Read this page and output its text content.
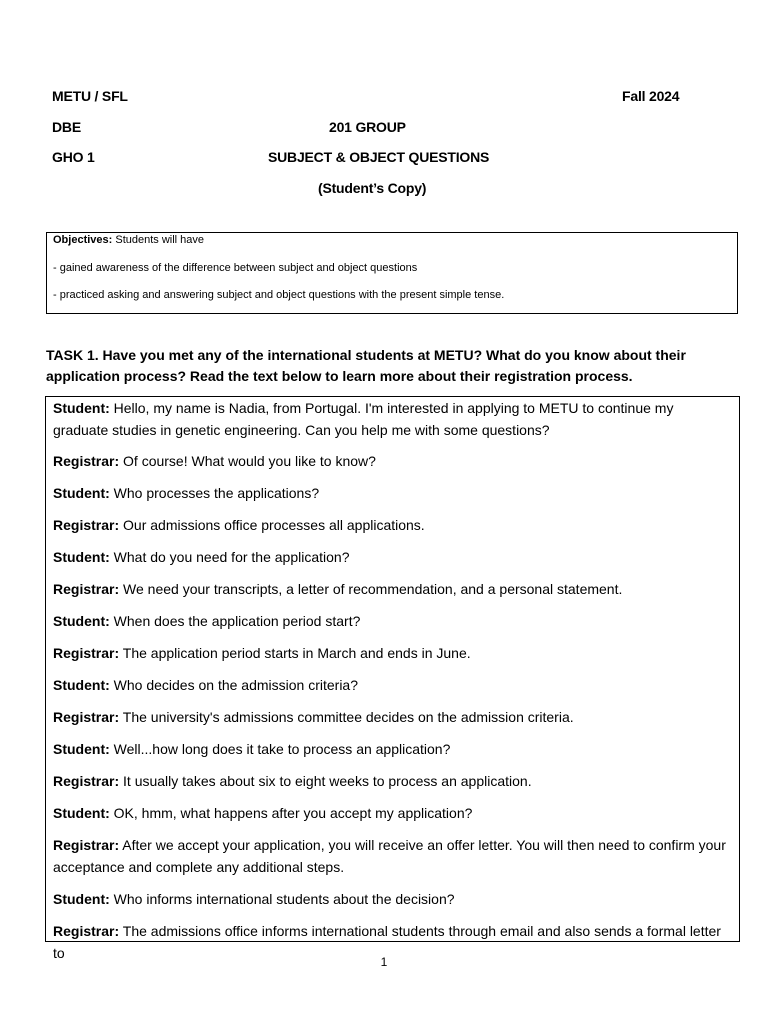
METU / SFL	Fall 2024
DBE	201 GROUP
GHO 1	SUBJECT & OBJECT QUESTIONS
(Student’s Copy)
Objectives: Students will have
- gained awareness of the difference between subject and object questions
- practiced asking and answering subject and object questions with the present simple tense.
TASK 1. Have you met any of the international students at METU? What do you know about their application process? Read the text below to learn more about their registration process.
Student: Hello, my name is Nadia, from Portugal. I'm interested in applying to METU to continue my graduate studies in genetic engineering. Can you help me with some questions?
Registrar: Of course! What would you like to know?
Student: Who processes the applications?
Registrar: Our admissions office processes all applications.
Student: What do you need for the application?
Registrar: We need your transcripts, a letter of recommendation, and a personal statement.
Student: When does the application period start?
Registrar: The application period starts in March and ends in June.
Student: Who decides on the admission criteria?
Registrar: The university's admissions committee decides on the admission criteria.
Student: Well...how long does it take to process an application?
Registrar: It usually takes about six to eight weeks to process an application.
Student: OK, hmm, what happens after you accept my application?
Registrar: After we accept your application, you will receive an offer letter. You will then need to confirm your acceptance and complete any additional steps.
Student: Who informs international students about the decision?
Registrar: The admissions office informs international students through email and also sends a formal letter to
1
